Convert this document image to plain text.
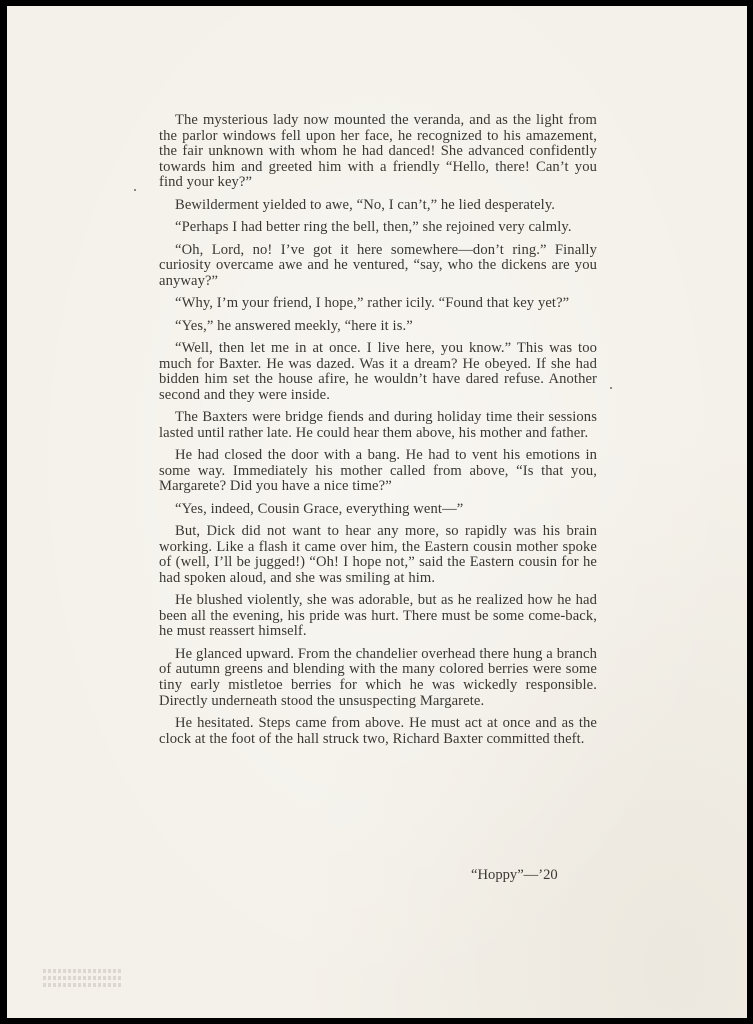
The mysterious lady now mounted the veranda, and as the light from the parlor windows fell upon her face, he recognized to his amazement, the fair unknown with whom he had danced! She advanced confidently towards him and greeted him with a friendly “Hello, there! Can’t you find your key?”

Bewilderment yielded to awe, “No, I can’t,” he lied desperately.

“Perhaps I had better ring the bell, then,” she rejoined very calmly.

“Oh, Lord, no! I’ve got it here somewhere—don’t ring.” Finally curiosity overcame awe and he ventured, “say, who the dickens are you anyway?”

“Why, I’m your friend, I hope,” rather icily. “Found that key yet?”

“Yes,” he answered meekly, “here it is.”

“Well, then let me in at once. I live here, you know.” This was too much for Baxter. He was dazed. Was it a dream? He obeyed. If she had bidden him set the house afire, he wouldn’t have dared refuse. Another second and they were inside.

The Baxters were bridge fiends and during holiday time their sessions lasted until rather late. He could hear them above, his mother and father.

He had closed the door with a bang. He had to vent his emotions in some way. Immediately his mother called from above, “Is that you, Margarete? Did you have a nice time?”

“Yes, indeed, Cousin Grace, everything went—”

But, Dick did not want to hear any more, so rapidly was his brain working. Like a flash it came over him, the Eastern cousin mother spoke of (well, I’ll be jugged!) “Oh! I hope not,” said the Eastern cousin for he had spoken aloud, and she was smiling at him.

He blushed violently, she was adorable, but as he realized how he had been all the evening, his pride was hurt. There must be some come-back, he must reassert himself.

He glanced upward. From the chandelier overhead there hung a branch of autumn greens and blending with the many colored berries were some tiny early mistletoe berries for which he was wickedly responsible. Directly underneath stood the unsuspecting Margarete.

He hesitated. Steps came from above. He must act at once and as the clock at the foot of the hall struck two, Richard Baxter committed theft.

“Hoppy”—’20
